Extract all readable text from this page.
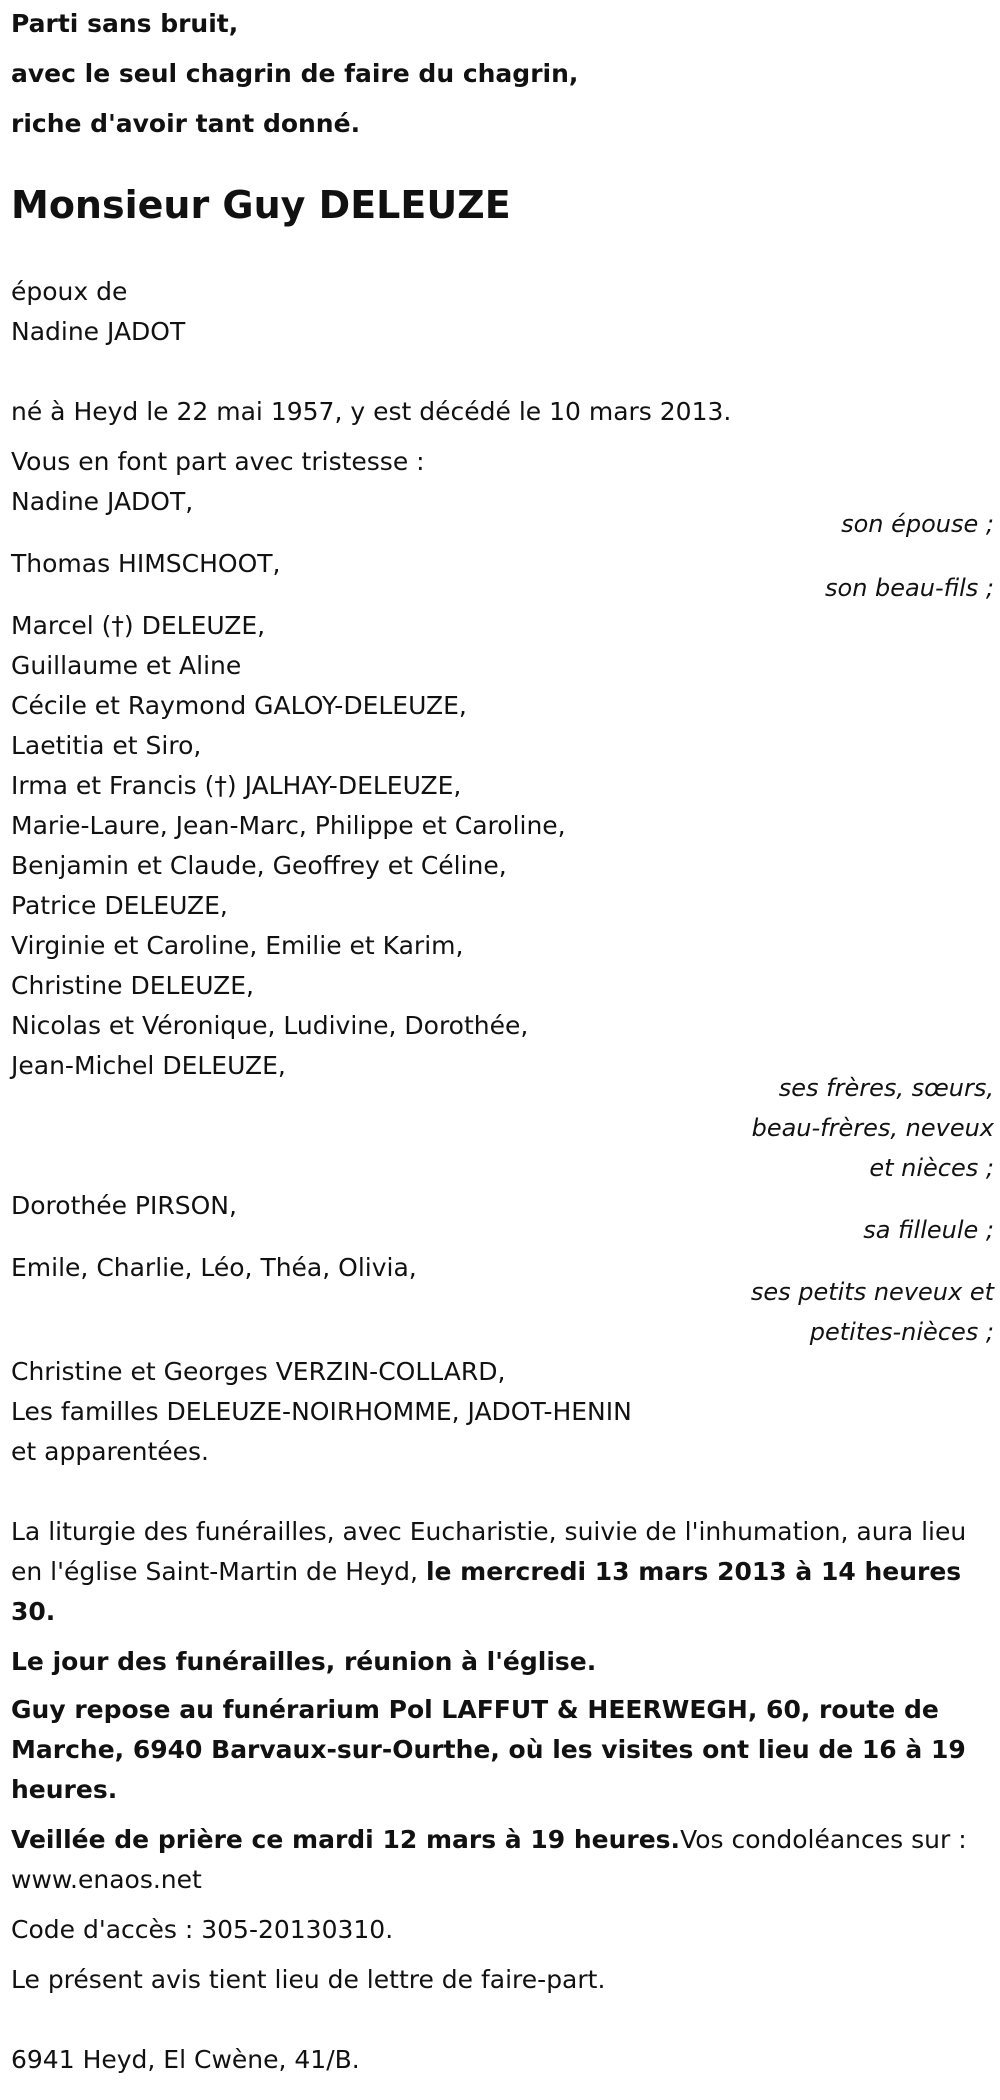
Parti sans bruit,
avec le seul chagrin de faire du chagrin,
riche d'avoir tant donné.
Monsieur Guy DELEUZE
époux de
Nadine JADOT
né à Heyd le 22 mai 1957, y est décédé le 10 mars 2013.
Vous en font part avec tristesse :
Nadine JADOT,
son épouse ;
Thomas HIMSCHOOT,
son beau-fils ;
Marcel (†) DELEUZE,
Guillaume et Aline
Cécile et Raymond GALOY-DELEUZE,
Laetitia et Siro,
Irma et Francis (†) JALHAY-DELEUZE,
Marie-Laure, Jean-Marc, Philippe et Caroline,
Benjamin et Claude, Geoffrey et Céline,
Patrice DELEUZE,
Virginie et Caroline, Emilie et Karim,
Christine DELEUZE,
Nicolas et Véronique, Ludivine, Dorothée,
Jean-Michel DELEUZE,
ses frères, sœurs,
beau-frères, neveux
et nièces ;
Dorothée PIRSON,
sa filleule ;
Emile, Charlie, Léo, Théa, Olivia,
ses petits neveux et
petites-nièces ;
Christine et Georges VERZIN-COLLARD,
Les familles DELEUZE-NOIRHOMME, JADOT-HENIN
et apparentées.
La liturgie des funérailles, avec Eucharistie, suivie de l'inhumation, aura lieu en l'église Saint-Martin de Heyd, le mercredi 13 mars 2013 à 14 heures 30.
Le jour des funérailles, réunion à l'église.
Guy repose au funérarium Pol LAFFUT & HEERWEGH, 60, route de Marche, 6940 Barvaux-sur-Ourthe, où les visites ont lieu de 16 à 19 heures.
Veillée de prière ce mardi 12 mars à 19 heures.Vos condoléances sur : www.enaos.net
Code d'accès : 305-20130310.
Le présent avis tient lieu de lettre de faire-part.
6941 Heyd, El Cwène, 41/B.
